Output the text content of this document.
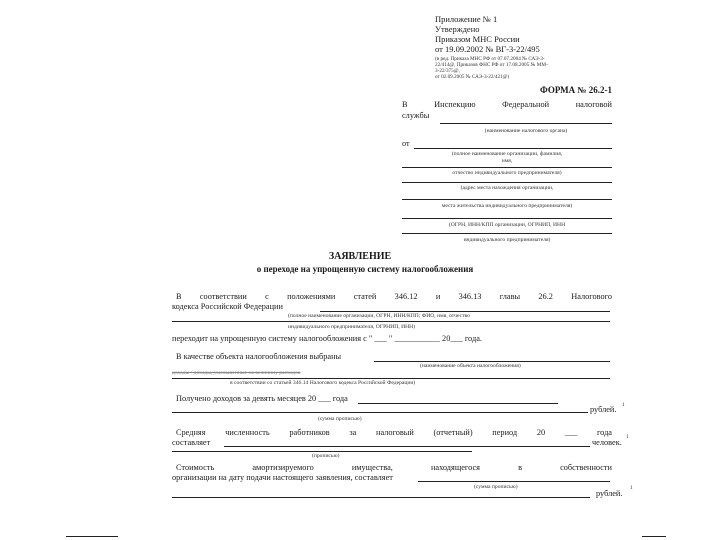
Приложение № 1
Утверждено
Приказом МНС России
от 19.09.2002 № ВГ-3-22/495
(в ред. Приказа МНС РФ от 07.07.2004 № САЭ-3-
22/414@, Приказов ФНС РФ от 17.08.2005 № ММ-
3-22/375@,
от 02.09.2005 № САЭ-3-22/421@)
ФОРМА № 26.2-1
В Инспекцию Федеральной налоговой
службы
(наименование налогового органа)
от
(полное наименование организации, фамилия,
имя,
отчество индивидуального предпринимателя)
(адрес места нахождения организации,
места жительства индивидуального предпринимателя)
(ОГРН, ИНН/КПП организации, ОГРНИП, ИНН
индивидуального предпринимателя)
ЗАЯВЛЕНИЕ
о переходе на упрощенную систему налогообложения
В соответствии с положениями статей 346.12 и 346.13 главы 26.2 Налогового
кодекса Российской Федерации
(полное наименование организации, ОГРН, ИНН/КПП; ФИО, имя, отчество
индивидуального предпринимателя, ОГРНИП, ИНН)
переходит на упрощенную систему налогообложения с " ___ " ___________ 20___ года.
В качестве объекта налогообложения выбраны
(наименование объекта налогообложения)
доходы / доходы, уменьшенные на величину расходов
в соответствии со статьей 346.14 Налогового кодекса Российской Федерации)
Получено доходов за девять месяцев 20 ___ года
рублей. 1
(сумма прописью)
Средняя численность работников за налоговый (отчетный) период 20 ___ года
составляет	человек.
1
(прописью)
Стоимость амортизируемого имущества, находящегося в собственности
организации на дату подачи настоящего заявления, составляет
(сумма прописью)
рублей.
1
